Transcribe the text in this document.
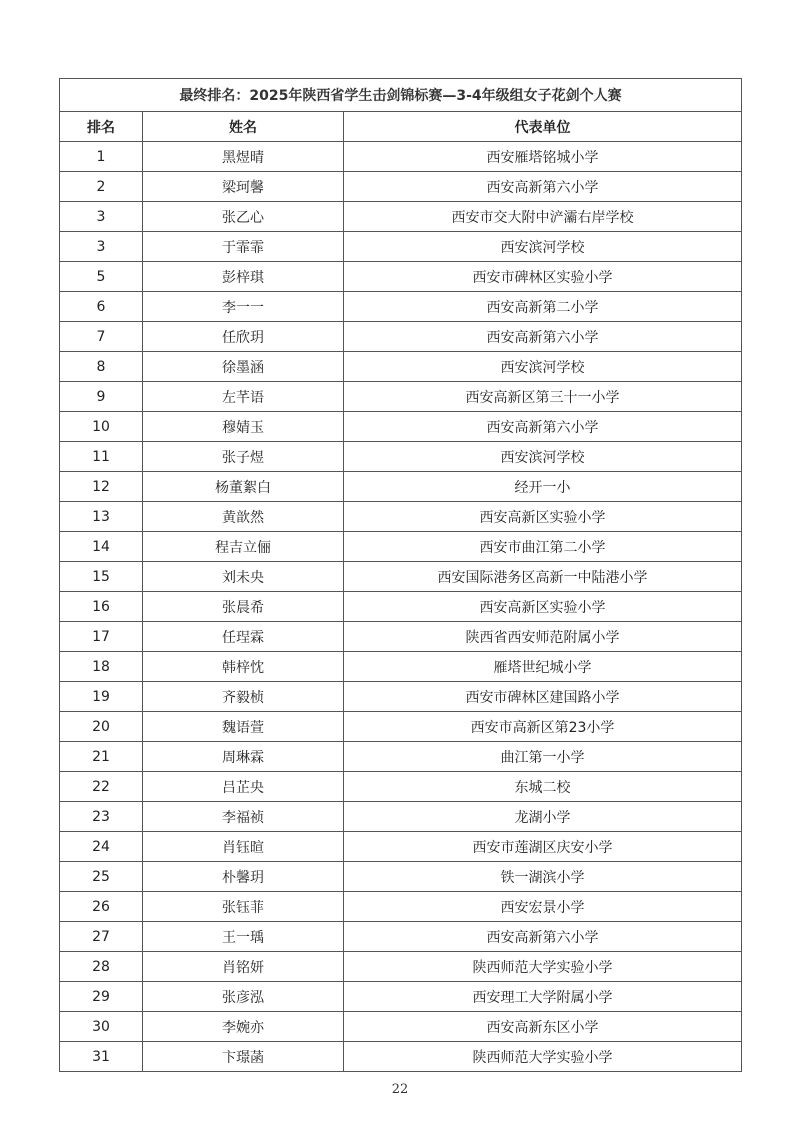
最终排名：2025年陕西省学生击剑锦标赛—3-4年级组女子花剑个人赛		
排名	姓名	代表单位
1	黑煜晴	西安雁塔铭城小学
2	梁珂馨	西安高新第六小学
3	张乙心	西安市交大附中浐灞右岸学校
3	于霏霏	西安滨河学校
5	彭梓琪	西安市碑林区实验小学
6	李一一	西安高新第二小学
7	任欣玥	西安高新第六小学
8	徐墨涵	西安滨河学校
9	左芊语	西安高新区第三十一小学
10	穆婧玉	西安高新第六小学
11	张子煜	西安滨河学校
12	杨董絮白	经开一小
13	黄歆然	西安高新区实验小学
14	程吉立俪	西安市曲江第二小学
15	刘未央	西安国际港务区高新一中陆港小学
16	张晨希	西安高新区实验小学
17	任珵霖	陕西省西安师范附属小学
18	韩梓忱	雁塔世纪城小学
19	齐毅桢	西安市碑林区建国路小学
20	魏语萱	西安市高新区第23小学
21	周琳霖	曲江第一小学
22	吕芷央	东城二校
23	李福祯	龙湖小学
24	肖钰暄	西安市莲湖区庆安小学
25	朴馨玥	铁一湖滨小学
26	张钰菲	西安宏景小学
27	王一瑀	西安高新第六小学
28	肖铭妍	陕西师范大学实验小学
29	张彦泓	西安理工大学附属小学
30	李婉亦	西安高新东区小学
31	卞璟菡	陕西师范大学实验小学
22
